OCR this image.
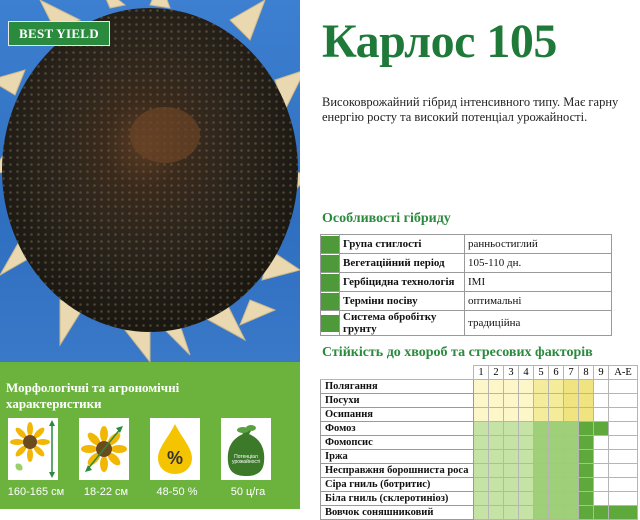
BEST YIELD
Морфологічні та агрономічні характеристики
%	Потенціал урожайності
160-165 см	18-22 см	48-50 %	50 ц/га
Карлос 105
Високоврожайний гібрид інтенсивного типу. Має гарну енергію росту та високий потенціал урожайності.
Особливості гібриду
	Група стиглості	ранньостиглий

	Вегетаційний період	105-110 дн.

	Гербіцидна технологія	IMI

	Терміни посіву	оптимальні

	Система обробітку грунту	традиційна
Стійкість до хвороб та стресових факторів
	1	2	3	4	5	6	7	8	9	A-E
Полягання										
Посухи										
Осипання										
Фомоз										
Фомопсис										
Іржа										
Несправжня борошниста роса										
Сіра гниль (ботритис)										
Біла гниль (склеротиніоз)										
Вовчок соняшниковий										
